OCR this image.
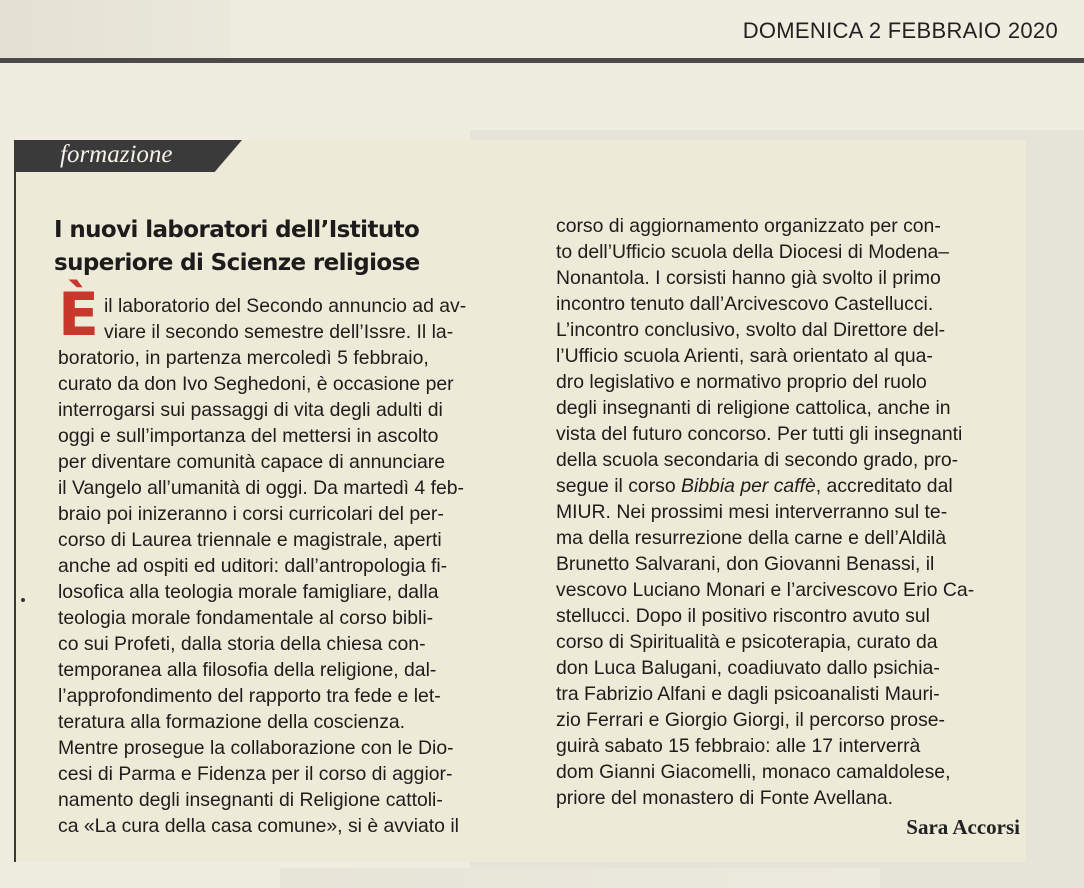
DOMENICA 2 FEBBRAIO 2020
formazione
I nuovi laboratori dell’Istituto
superiore di Scienze religiose
È il laboratorio del Secondo annuncio ad av-
viare il secondo semestre dell’Issre. Il la-
boratorio, in partenza mercoledì 5 febbraio,
curato da don Ivo Seghedoni, è occasione per
interrogarsi sui passaggi di vita degli adulti di
oggi e sull’importanza del mettersi in ascolto
per diventare comunità capace di annunciare
il Vangelo all’umanità di oggi. Da martedì 4 feb-
braio poi inizeranno i corsi curricolari del per-
corso di Laurea triennale e magistrale, aperti
anche ad ospiti ed uditori: dall’antropologia fi-
losofica alla teologia morale famigliare, dalla
teologia morale fondamentale al corso bibli-
co sui Profeti, dalla storia della chiesa con-
temporanea alla filosofia della religione, dal-
l’approfondimento del rapporto tra fede e let-
teratura alla formazione della coscienza.
Mentre prosegue la collaborazione con le Dio-
cesi di Parma e Fidenza per il corso di aggior-
namento degli insegnanti di Religione cattoli-
ca «La cura della casa comune», si è avviato il
corso di aggiornamento organizzato per con-
to dell’Ufficio scuola della Diocesi di Modena–
Nonantola. I corsisti hanno già svolto il primo
incontro tenuto dall’Arcivescovo Castellucci.
L’incontro conclusivo, svolto dal Direttore del-
l’Ufficio scuola Arienti, sarà orientato al qua-
dro legislativo e normativo proprio del ruolo
degli insegnanti di religione cattolica, anche in
vista del futuro concorso. Per tutti gli insegnanti
della scuola secondaria di secondo grado, pro-
segue il corso Bibbia per caffè, accreditato dal
MIUR. Nei prossimi mesi interverranno sul te-
ma della resurrezione della carne e dell’Aldilà
Brunetto Salvarani, don Giovanni Benassi, il
vescovo Luciano Monari e l’arcivescovo Erio Ca-
stellucci. Dopo il positivo riscontro avuto sul
corso di Spiritualità e psicoterapia, curato da
don Luca Balugani, coadiuvato dallo psichia-
tra Fabrizio Alfani e dagli psicoanalisti Mauri-
zio Ferrari e Giorgio Giorgi, il percorso prose-
guirà sabato 15 febbraio: alle 17 interverrà
dom Gianni Giacomelli, monaco camaldolese,
priore del monastero di Fonte Avellana.
Sara Accorsi
